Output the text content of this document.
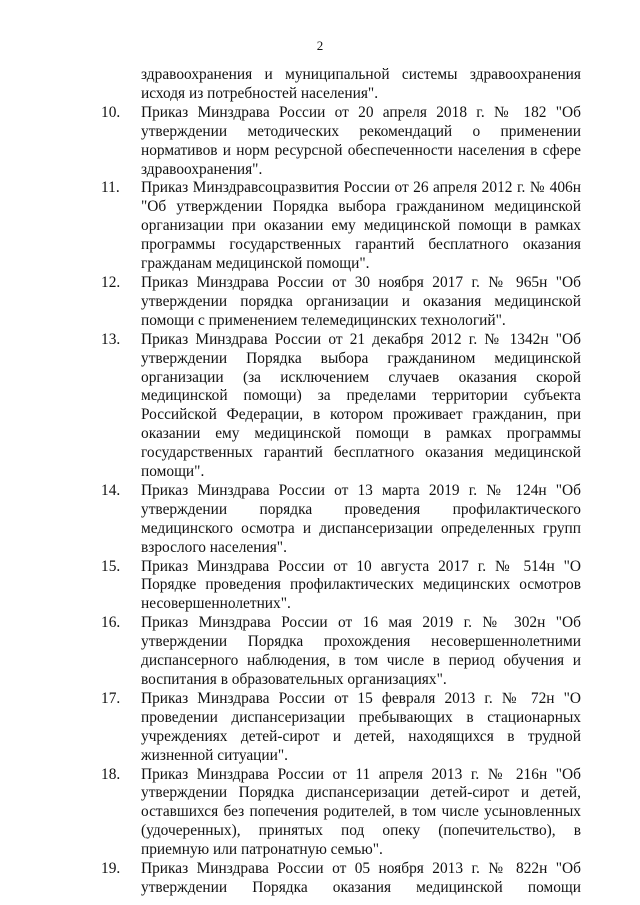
2
здравоохранения и муниципальной системы здравоохранения исходя из потребностей населения".
10.	Приказ Минздрава России от 20 апреля 2018 г. № 182 "Об утверждении методических рекомендаций о применении нормативов и норм ресурсной обеспеченности населения в сфере здравоохранения".
11.	Приказ Минздравсоцразвития России от 26 апреля 2012 г. № 406н "Об утверждении Порядка выбора гражданином медицинской организации при оказании ему медицинской помощи в рамках программы государственных гарантий бесплатного оказания гражданам медицинской помощи".
12.	Приказ Минздрава России от 30 ноября 2017 г. № 965н "Об утверждении порядка организации и оказания медицинской помощи с применением телемедицинских технологий".
13.	Приказ Минздрава России от 21 декабря 2012 г. № 1342н "Об утверждении Порядка выбора гражданином медицинской организации (за исключением случаев оказания скорой медицинской помощи) за пределами территории субъекта Российской Федерации, в котором проживает гражданин, при оказании ему медицинской помощи в рамках программы государственных гарантий бесплатного оказания медицинской помощи".
14.	Приказ Минздрава России от 13 марта 2019 г. № 124н "Об утверждении порядка проведения профилактического медицинского осмотра и диспансеризации определенных групп взрослого населения".
15.	Приказ Минздрава России от 10 августа 2017 г. № 514н "О Порядке проведения профилактических медицинских осмотров несовершеннолетних".
16.	Приказ Минздрава России от 16 мая 2019 г. № 302н "Об утверждении Порядка прохождения несовершеннолетними диспансерного наблюдения, в том числе в период обучения и воспитания в образовательных организациях".
17.	Приказ Минздрава России от 15 февраля 2013 г. № 72н "О проведении диспансеризации пребывающих в стационарных учреждениях детей-сирот и детей, находящихся в трудной жизненной ситуации".
18.	Приказ Минздрава России от 11 апреля 2013 г. № 216н "Об утверждении Порядка диспансеризации детей-сирот и детей, оставшихся без попечения родителей, в том числе усыновленных (удочеренных), принятых под опеку (попечительство), в приемную или патронатную семью".
19.	Приказ Минздрава России от 05 ноября 2013 г. № 822н "Об утверждении Порядка оказания медицинской помощи
